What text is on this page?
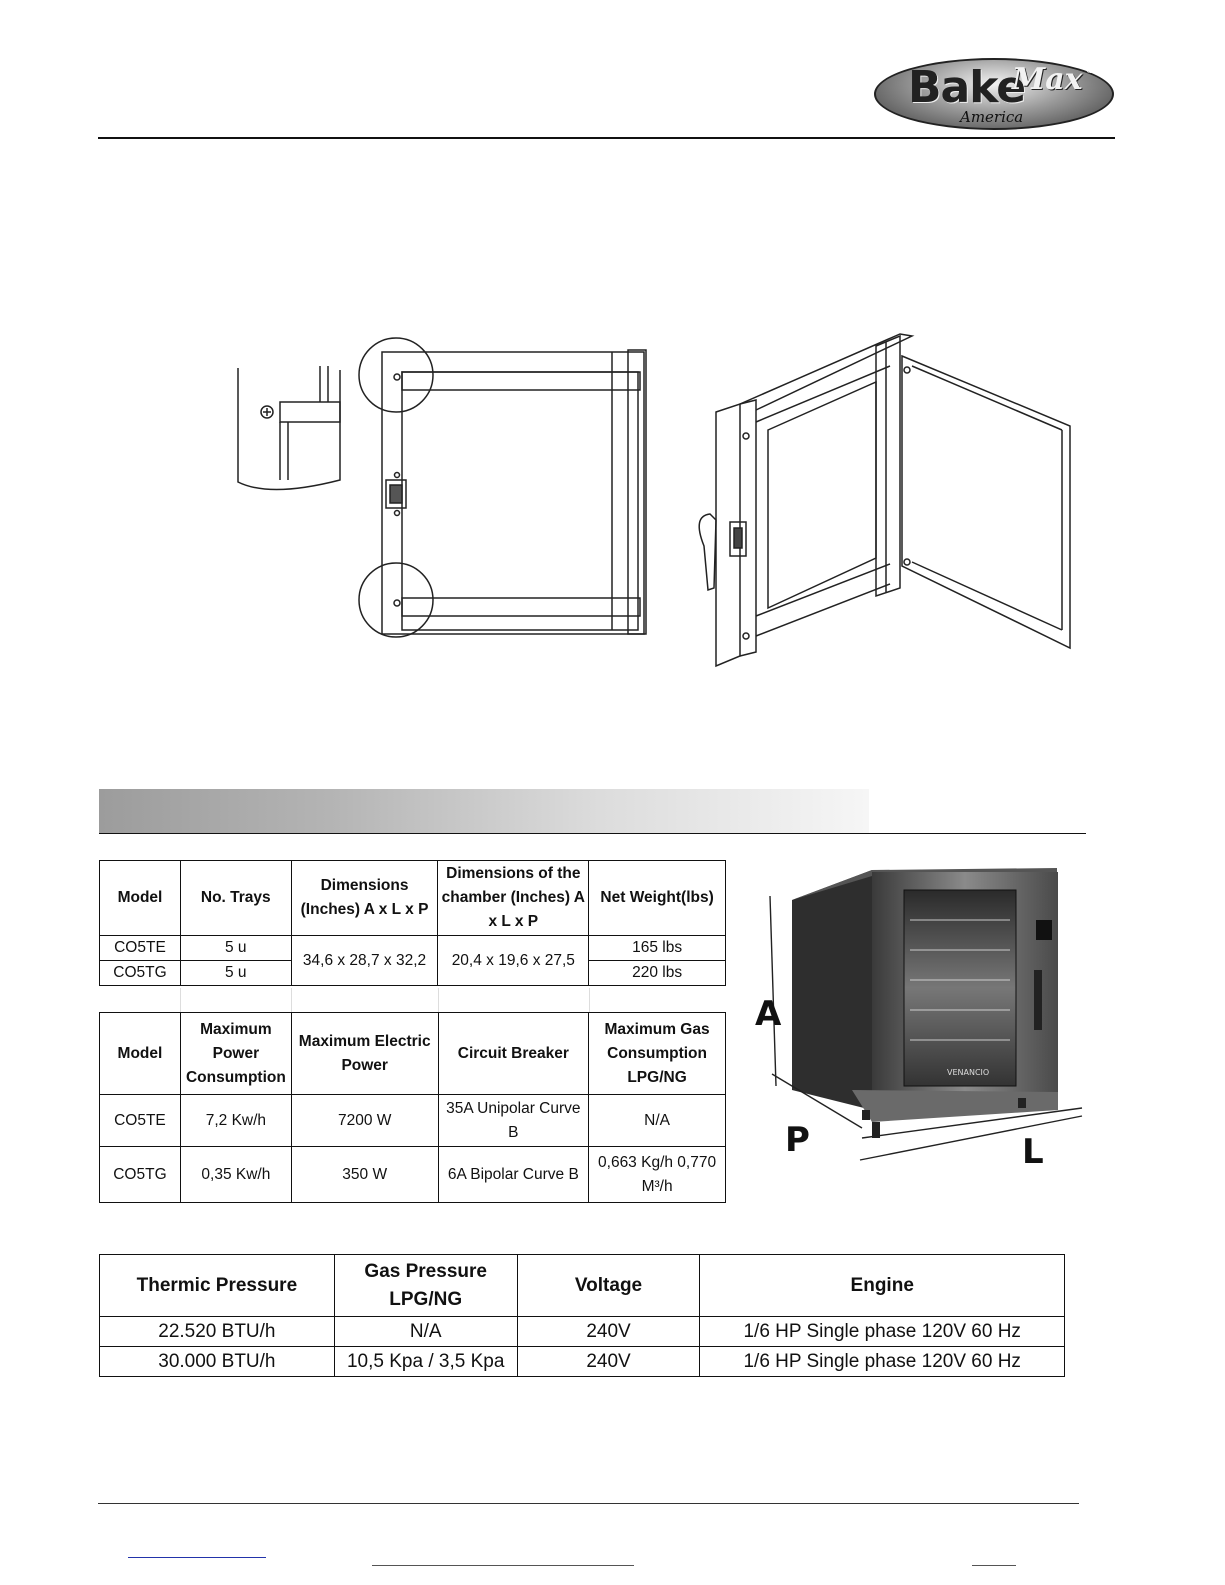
Bake
Max ®
America
Model	No. Trays	Dimensions (Inches) A x L x P	Dimensions of the chamber (Inches) A x L x P	Net Weight(lbs)
CO5TE	5 u	34,6 x 28,7 x 32,2	20,4 x 19,6 x 27,5	165 lbs
CO5TG	5 u			220 lbs
Model	Maximum Power Consumption	Maximum Electric Power	Circuit Breaker	Maximum Gas Consumption LPG/NG
CO5TE	7,2 Kw/h	7200 W	35A Unipolar Curve B	N/A
CO5TG	0,35 Kw/h	350 W	6A Bipolar Curve B	0,663 Kg/h 0,770 M³/h
VENANCIO
A
P	L
Thermic Pressure	Gas Pressure LPG/NG	Voltage	Engine
22.520 BTU/h	N/A	240V	1/6 HP Single phase 120V 60 Hz
30.000 BTU/h	10,5 Kpa / 3,5 Kpa	240V	1/6 HP Single phase 120V 60 Hz
